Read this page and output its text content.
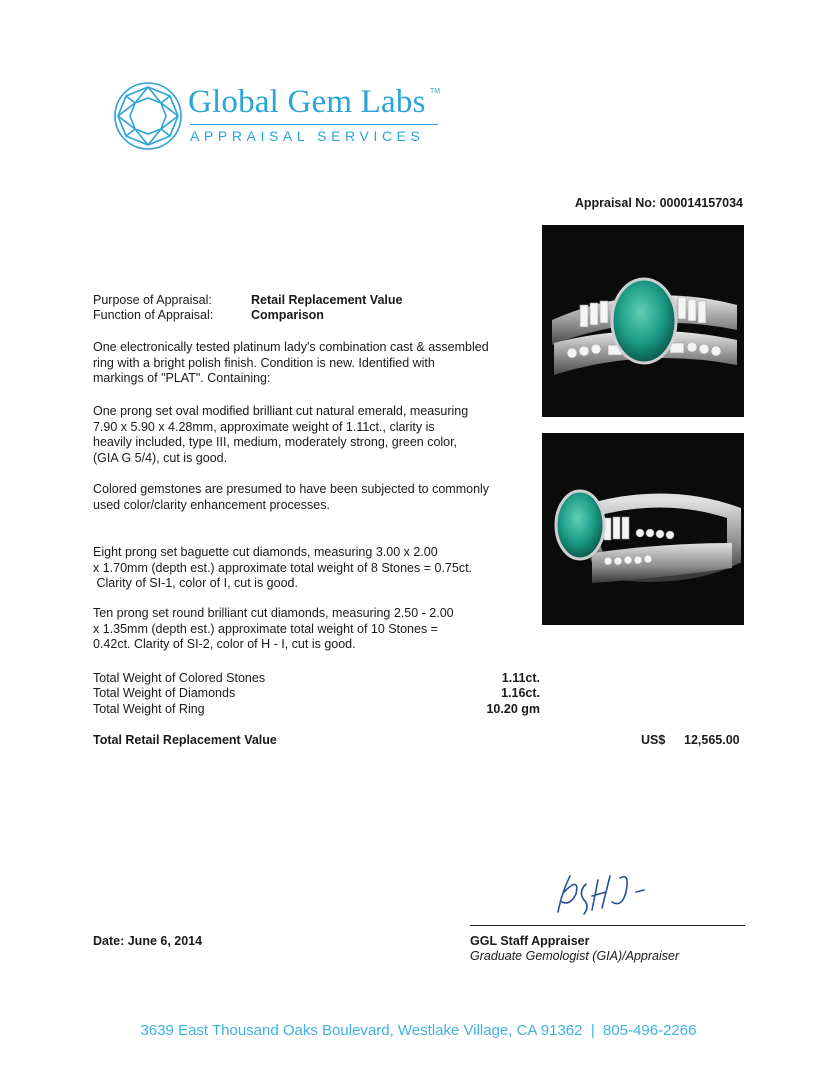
Global Gem Labs TM
APPRAISAL SERVICES
Appraisal No: 000014157034
Purpose of Appraisal:	Retail Replacement Value
Function of Appraisal:	Comparison
One electronically tested platinum lady's combination cast & assembled
ring with a bright polish finish. Condition is new. Identified with
markings of "PLAT". Containing:
One prong set oval modified brilliant cut natural emerald, measuring
7.90 x 5.90 x 4.28mm, approximate weight of 1.11ct., clarity is
heavily included, type III, medium, moderately strong, green color,
(GIA G 5/4), cut is good.
Colored gemstones are presumed to have been subjected to commonly
used color/clarity enhancement processes.
Eight prong set baguette cut diamonds, measuring 3.00 x 2.00
x 1.70mm (depth est.) approximate total weight of 8 Stones = 0.75ct.
Clarity of SI-1, color of I, cut is good.
Ten prong set round brilliant cut diamonds, measuring 2.50 - 2.00
x 1.35mm (depth est.) approximate total weight of 10 Stones =
0.42ct. Clarity of SI-2, color of H - I, cut is good.
Total Weight of Colored Stones	1.11ct.
Total Weight of Diamonds	1.16ct.
Total Weight of Ring	10.20 gm
Total Retail Replacement Value	US$ 12,565.00
Date: June 6, 2014	GGL Staff Appraiser
Graduate Gemologist (GIA)/Appraiser
3639 East Thousand Oaks Boulevard, Westlake Village, CA 91362  |  805-496-2266
